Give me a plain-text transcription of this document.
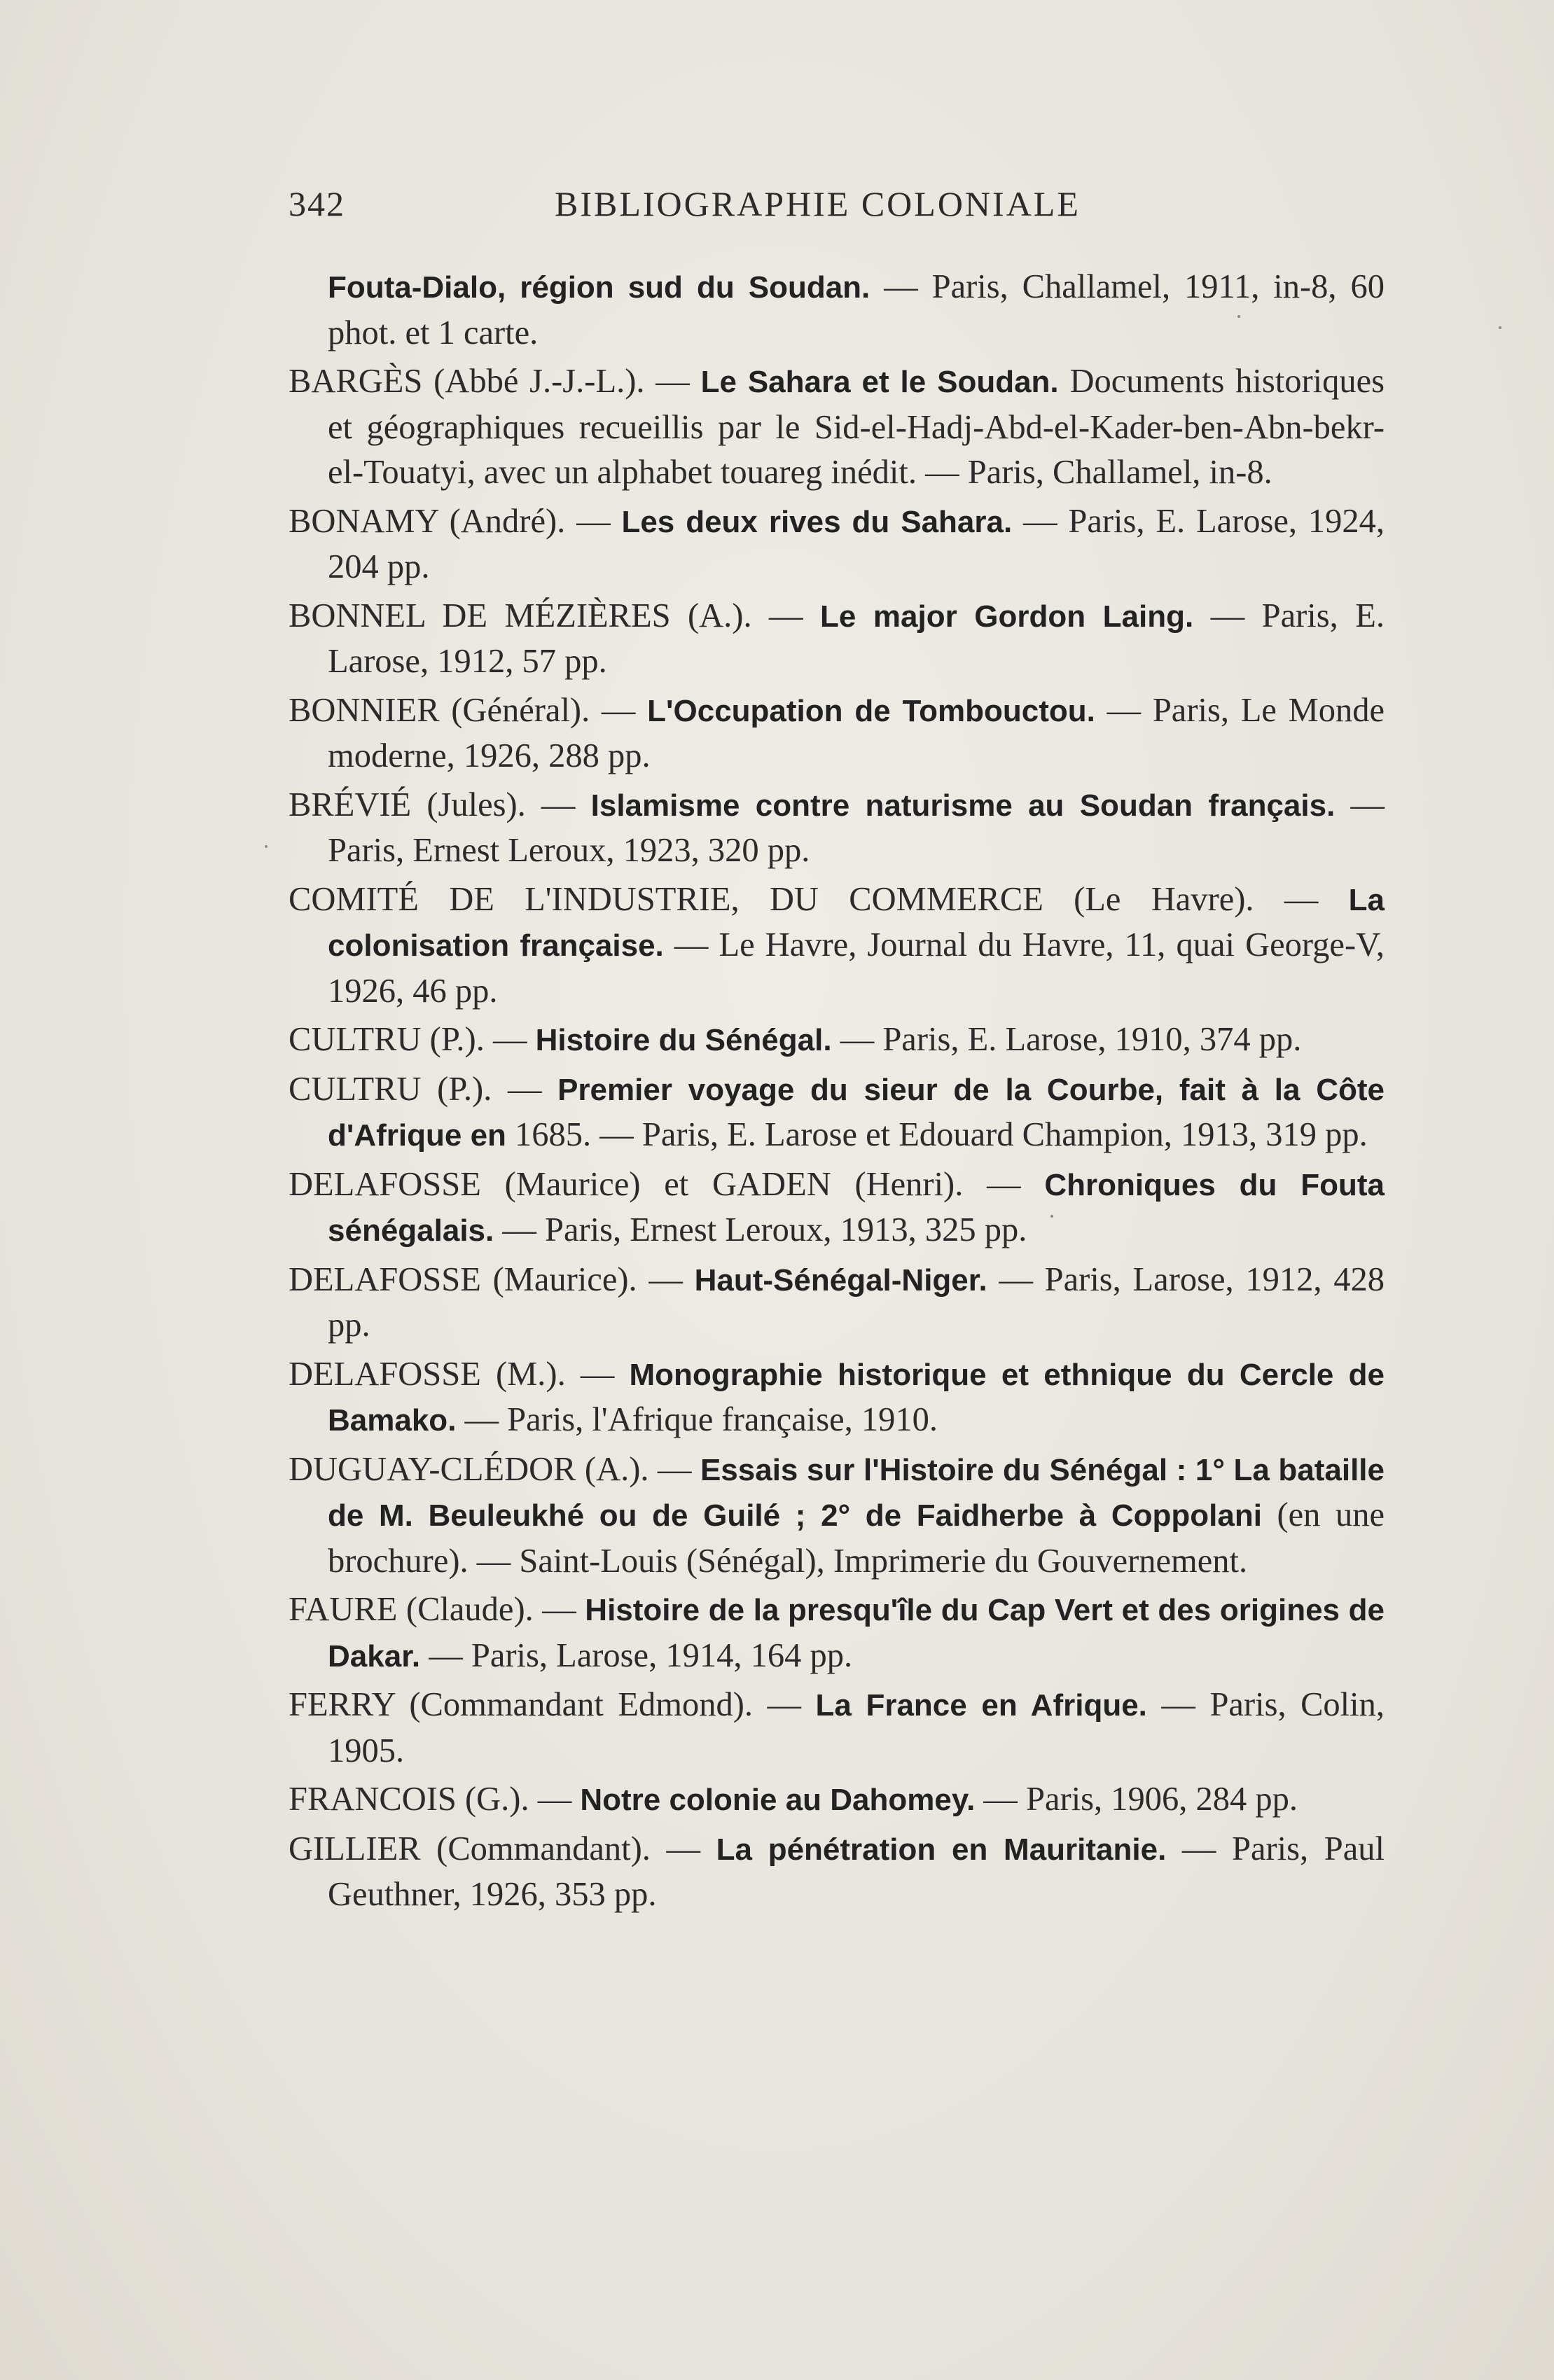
342	BIBLIOGRAPHIE COLONIALE

Fouta-Dialo, région sud du Soudan. — Paris, Challamel, 1911, in-8, 60 phot. et 1 carte.

BARGÈS (Abbé J.-J.-L.). — Le Sahara et le Soudan. Documents historiques et géographiques recueillis par le Sid-el-Hadj-Abd-el-Kader-ben-Abn-bekr-el-Touatyi, avec un alphabet touareg inédit. — Paris, Challamel, in-8.

BONAMY (André). — Les deux rives du Sahara. — Paris, E. Larose, 1924, 204 pp.

BONNEL DE MÉZIÈRES (A.). — Le major Gordon Laing. — Paris, E. Larose, 1912, 57 pp.

BONNIER (Général). — L'Occupation de Tombouctou. — Paris, Le Monde moderne, 1926, 288 pp.

BRÉVIÉ (Jules). — Islamisme contre naturisme au Soudan français. — Paris, Ernest Leroux, 1923, 320 pp.

COMITÉ DE L'INDUSTRIE, DU COMMERCE (Le Havre). — La colonisation française. — Le Havre, Journal du Havre, 11, quai George-V, 1926, 46 pp.

CULTRU (P.). — Histoire du Sénégal. — Paris, E. Larose, 1910, 374 pp.

CULTRU (P.). — Premier voyage du sieur de la Courbe, fait à la Côte d'Afrique en 1685. — Paris, E. Larose et Edouard Champion, 1913, 319 pp.

DELAFOSSE (Maurice) et GADEN (Henri). — Chroniques du Fouta sénégalais. — Paris, Ernest Leroux, 1913, 325 pp.

DELAFOSSE (Maurice). — Haut-Sénégal-Niger. — Paris, Larose, 1912, 428 pp.

DELAFOSSE (M.). — Monographie historique et ethnique du Cercle de Bamako. — Paris, l'Afrique française, 1910.

DUGUAY-CLÉDOR (A.). — Essais sur l'Histoire du Sénégal : 1° La bataille de M. Beuleukhé ou de Guilé ; 2° de Faidherbe à Coppolani (en une brochure). — Saint-Louis (Sénégal), Imprimerie du Gouvernement.

FAURE (Claude). — Histoire de la presqu'île du Cap Vert et des origines de Dakar. — Paris, Larose, 1914, 164 pp.

FERRY (Commandant Edmond). — La France en Afrique. — Paris, Colin, 1905.

FRANCOIS (G.). — Notre colonie au Dahomey. — Paris, 1906, 284 pp.

GILLIER (Commandant). — La pénétration en Mauritanie. — Paris, Paul Geuthner, 1926, 353 pp.
